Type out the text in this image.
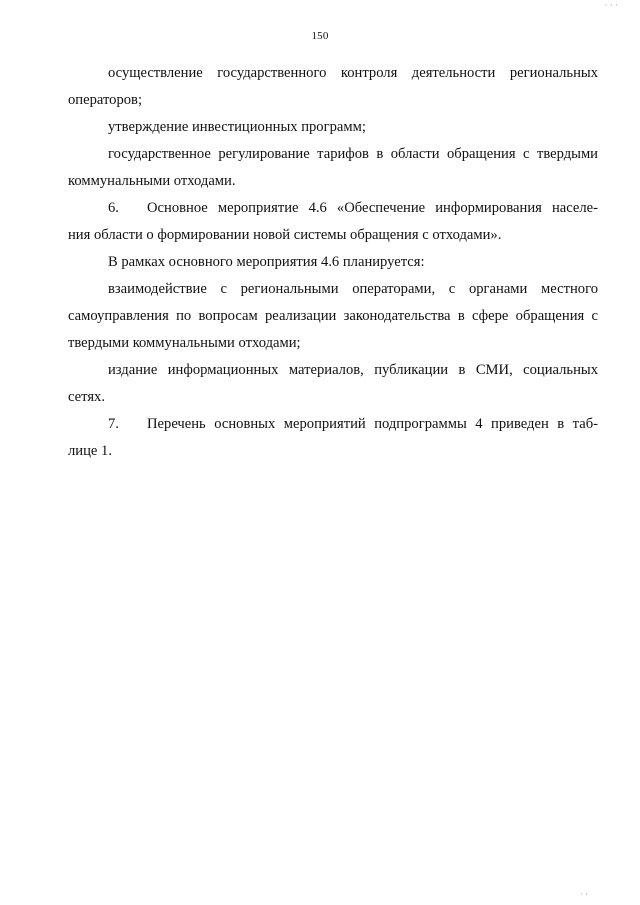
· · ·
150
осуществление государственного контроля деятельности региональных
операторов;
утверждение инвестиционных программ;
государственное регулирование тарифов в области обращения с твердыми
коммунальными отходами.
6. Основное мероприятие 4.6 «Обеспечение информирования населе-
ния области о формировании новой системы обращения с отходами».
В рамках основного мероприятия 4.6 планируется:
взаимодействие с региональными операторами, с органами местного
самоуправления по вопросам реализации законодательства в сфере обращения с
твердыми коммунальными отходами;
издание информационных материалов, публикации в СМИ, социальных
сетях.
7. Перечень основных мероприятий подпрограммы 4 приведен в таб-
лице 1.
· ·
